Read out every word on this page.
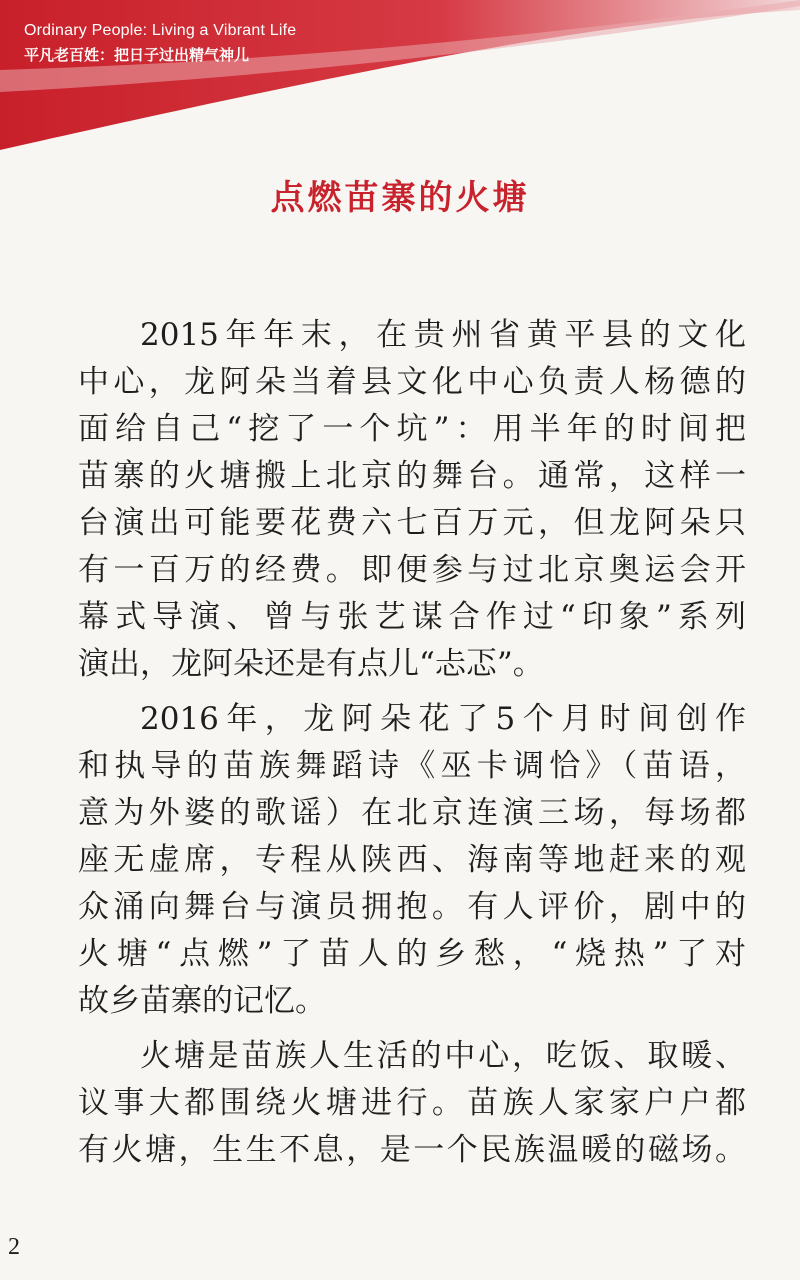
Ordinary People: Living a Vibrant Life
平凡老百姓：把日子过出精气神儿
点燃苗寨的火塘

2015年年末，在贵州省黄平县的文化
中心，龙阿朵当着县文化中心负责人杨德的
面给自己“挖了一个坑”：用半年的时间把
苗寨的火塘搬上北京的舞台。通常，这样一
台演出可能要花费六七百万元，但龙阿朵只
有一百万的经费。即便参与过北京奥运会开
幕式导演、曾与张艺谋合作过“印象”系列
演出，龙阿朵还是有点儿“忐忑”。

2016年，龙阿朵花了5个月时间创作
和执导的苗族舞蹈诗《巫卡调恰》（苗语，
意为外婆的歌谣）在北京连演三场，每场都
座无虚席，专程从陕西、海南等地赶来的观
众涌向舞台与演员拥抱。有人评价，剧中的
火塘“点燃”了苗人的乡愁，“烧热”了对
故乡苗寨的记忆。

火塘是苗族人生活的中心，吃饭、取暖、
议事大都围绕火塘进行。苗族人家家户户都
有火塘，生生不息，是一个民族温暖的磁场。

2
